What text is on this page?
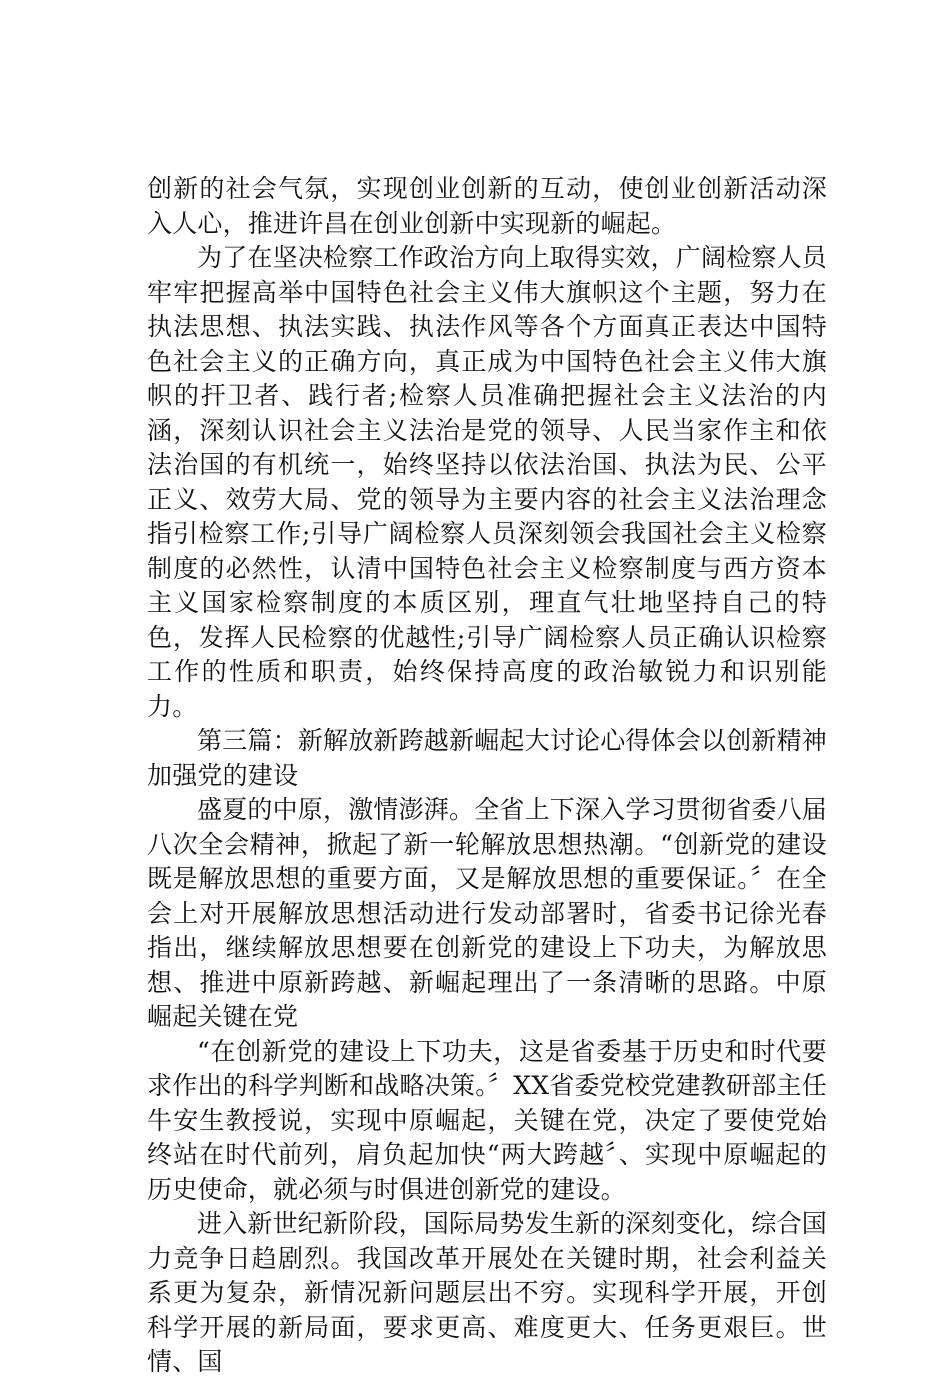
创新的社会气氛，实现创业创新的互动，使创业创新活动深入人心，推进许昌在创业创新中实现新的崛起。

为了在坚决检察工作政治方向上取得实效，广阔检察人员牢牢把握高举中国特色社会主义伟大旗帜这个主题，努力在执法思想、执法实践、执法作风等各个方面真正表达中国特色社会主义的正确方向，真正成为中国特色社会主义伟大旗帜的扞卫者、践行者;检察人员准确把握社会主义法治的内涵，深刻认识社会主义法治是党的领导、人民当家作主和依法治国的有机统一，始终坚持以依法治国、执法为民、公平正义、效劳大局、党的领导为主要内容的社会主义法治理念指引检察工作;引导广阔检察人员深刻领会我国社会主义检察制度的必然性，认清中国特色社会主义检察制度与西方资本主义国家检察制度的本质区别，理直气壮地坚持自己的特色，发挥人民检察的优越性;引导广阔检察人员正确认识检察工作的性质和职责，始终保持高度的政治敏锐力和识别能力。

第三篇：新解放新跨越新崛起大讨论心得体会以创新精神加强党的建设

盛夏的中原，激情澎湃。全省上下深入学习贯彻省委八届八次全会精神，掀起了新一轮解放思想热潮。“创新党的建设既是解放思想的重要方面，又是解放思想的重要保证。〞在全会上对开展解放思想活动进行发动部署时，省委书记徐光春指出，继续解放思想要在创新党的建设上下功夫，为解放思想、推进中原新跨越、新崛起理出了一条清晰的思路。中原崛起关键在党

“在创新党的建设上下功夫，这是省委基于历史和时代要求作出的科学判断和战略决策。〞XX省委党校党建教研部主任牛安生教授说，实现中原崛起，关键在党，决定了要使党始终站在时代前列，肩负起加快“两大跨越〞、实现中原崛起的历史使命，就必须与时俱进创新党的建设。

进入新世纪新阶段，国际局势发生新的深刻变化，综合国力竞争日趋剧烈。我国改革开展处在关键时期，社会利益关系更为复杂，新情况新问题层出不穷。实现科学开展，开创科学开展的新局面，要求更高、难度更大、任务更艰巨。世情、国
